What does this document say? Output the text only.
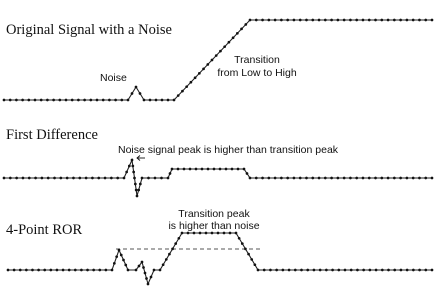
Original Signal with a Noise
Noise
Transition
from Low to High
First Difference
Noise signal peak is higher than transition peak
4-Point ROR
Transition peak
is higher than noise
